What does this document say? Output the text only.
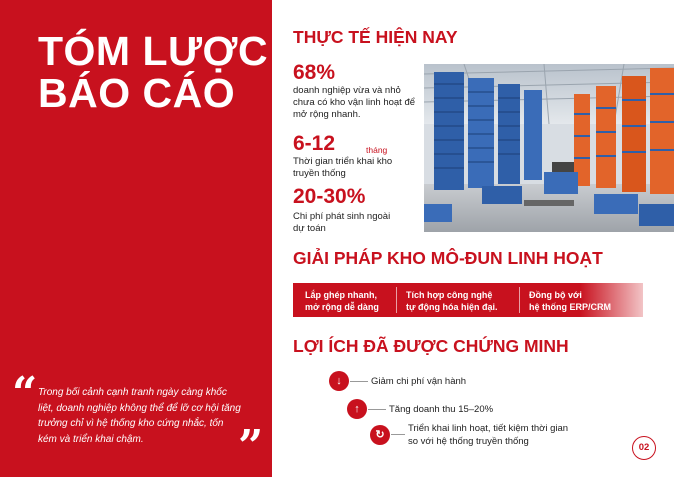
TÓM LƯỢC
BÁO CÁO
“ Trong bối cảnh cạnh tranh ngày càng khốc liệt, doanh nghiệp không thể để lỡ cơ hội tăng trưởng chỉ vì hệ thống kho cứng nhắc, tốn kém và triển khai chậm.	”
THỰC TẾ HIỆN NAY
68%
doanh nghiệp vừa và nhỏ chưa có kho vận linh hoạt để mở rộng nhanh.
6-12	tháng
Thời gian triển khai kho truyền thống
20-30%
Chi phí phát sinh ngoài dự toán
GIẢI PHÁP KHO MÔ-ĐUN LINH HOẠT
Lắp ghép nhanh,
mở rộng dễ dàng
Tích hợp công nghệ
tự động hóa hiện đại.
Đồng bộ với
hệ thống ERP/CRM
LỢI ÍCH ĐÃ ĐƯỢC CHỨNG MINH
↓	Giảm chi phí vận hành
↑	Tăng doanh thu 15–20%
↻
Triển khai linh hoạt, tiết kiệm thời gian
so với hệ thống truyền thống
02
